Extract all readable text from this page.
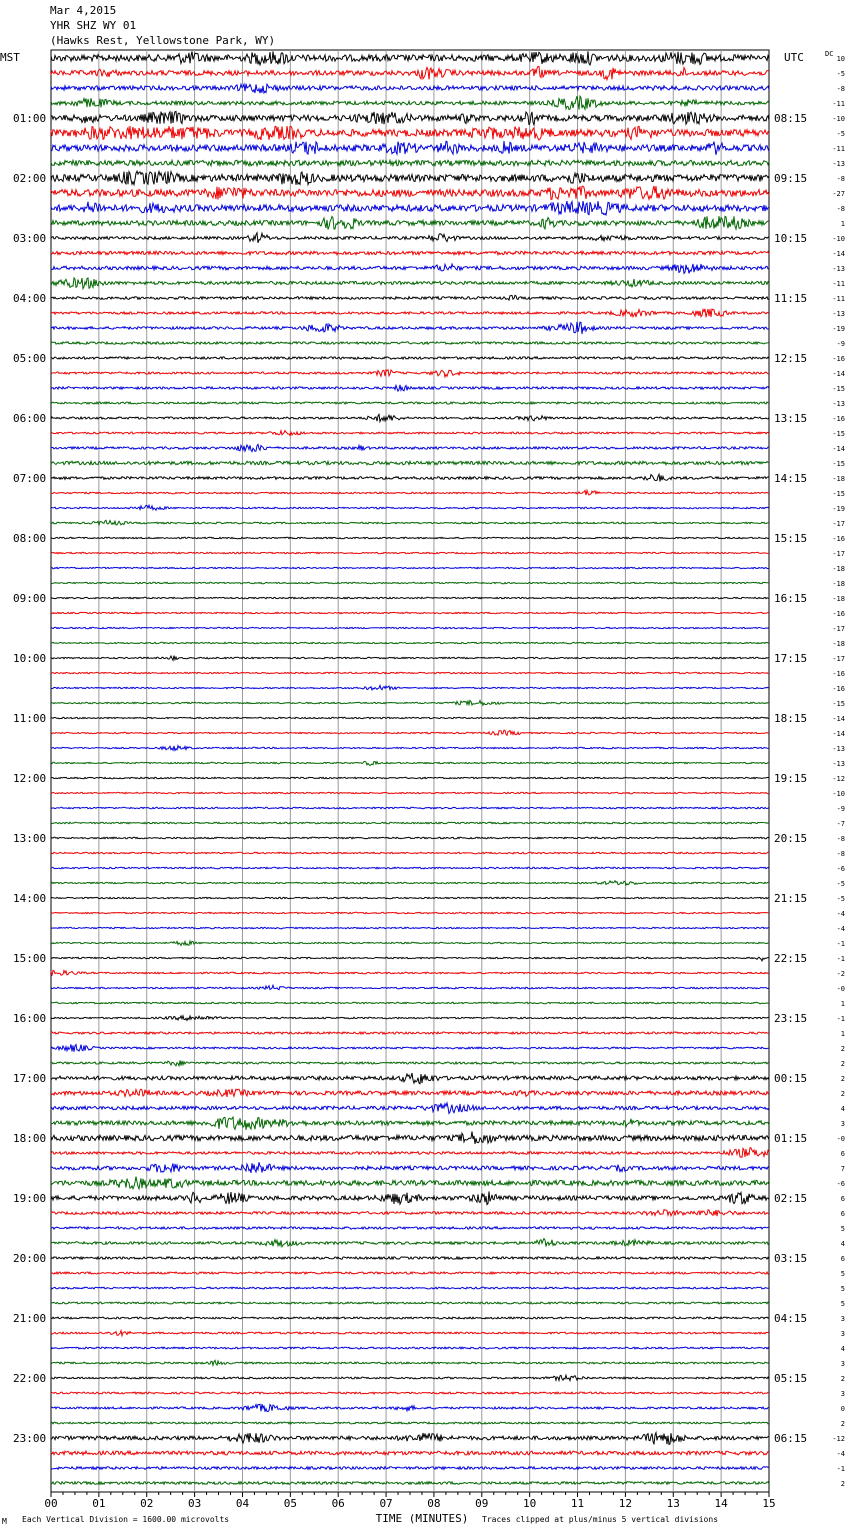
Mar 4,2015
YHR SHZ WY 01
(Hawks Rest, Yellowstone Park, WY)
00	01	02	03	04	05	06	07	08	09	10	11	12	13	14	15
TIME (MINUTES)
MST	UTC	DC
10
-5
-8
-11
-10
-5
-11
-13
-8
-27
-8
1
-10
-14
-13
-11
-11
-13
-19
-9
-16
-14
-15
-13
-16
-15
-14
-15
-18
-15
-19
-17
-16
-17
-18
-18
-18
-16
-17
-18
-17
-16
-16
-15
-14
-14
-13
-13
-12
-10
-9
-7
-8
-8
-6
-5
-5
-4
-4
-1
-1
-2
-0
1
-1
1
2
2
2
2
4
3
-0
6
7
-6
6
6
5
4
6
5
5
5
3
3
4
3
2
3
0
2
-12
-4
-1
2
01:00
02:00
03:00
04:00
05:00
06:00
07:00
08:00
09:00
10:00
11:00
12:00
13:00
14:00
15:00
16:00
17:00
18:00
19:00
20:00
21:00
22:00
23:00
08:15
09:15
10:15
11:15
12:15
13:15
14:15
15:15
16:15
17:15
18:15
19:15
20:15
21:15
22:15
23:15
00:15
01:15
02:15
03:15
04:15
05:15
06:15
M Each Vertical Division = 1600.00 microvolts	Traces clipped at plus/minus 5 vertical divisions
